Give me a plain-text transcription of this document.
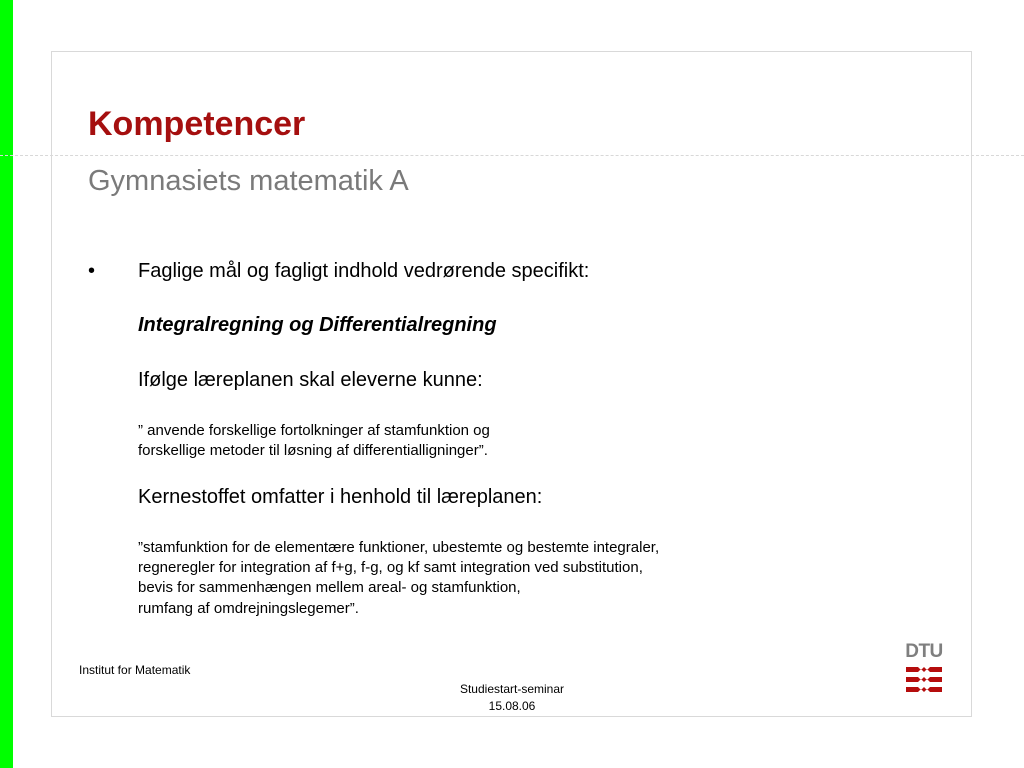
Kompetencer
Gymnasiets matematik A
• Faglige mål og fagligt indhold vedrørende specifikt:
Integralregning og Differentialregning
Ifølge læreplanen skal eleverne kunne:
” anvende forskellige fortolkninger af stamfunktion og
forskellige metoder til løsning af differentialligninger”.
Kernestoffet omfatter i henhold til læreplanen:
”stamfunktion for de elementære funktioner, ubestemte og bestemte integraler,
regneregler for integration af f+g, f-g, og kf samt integration ved substitution,
bevis for sammenhængen mellem areal- og stamfunktion,
rumfang af omdrejningslegemer”.
Institut for Matematik
Studiestart-seminar
15.08.06
DTU
